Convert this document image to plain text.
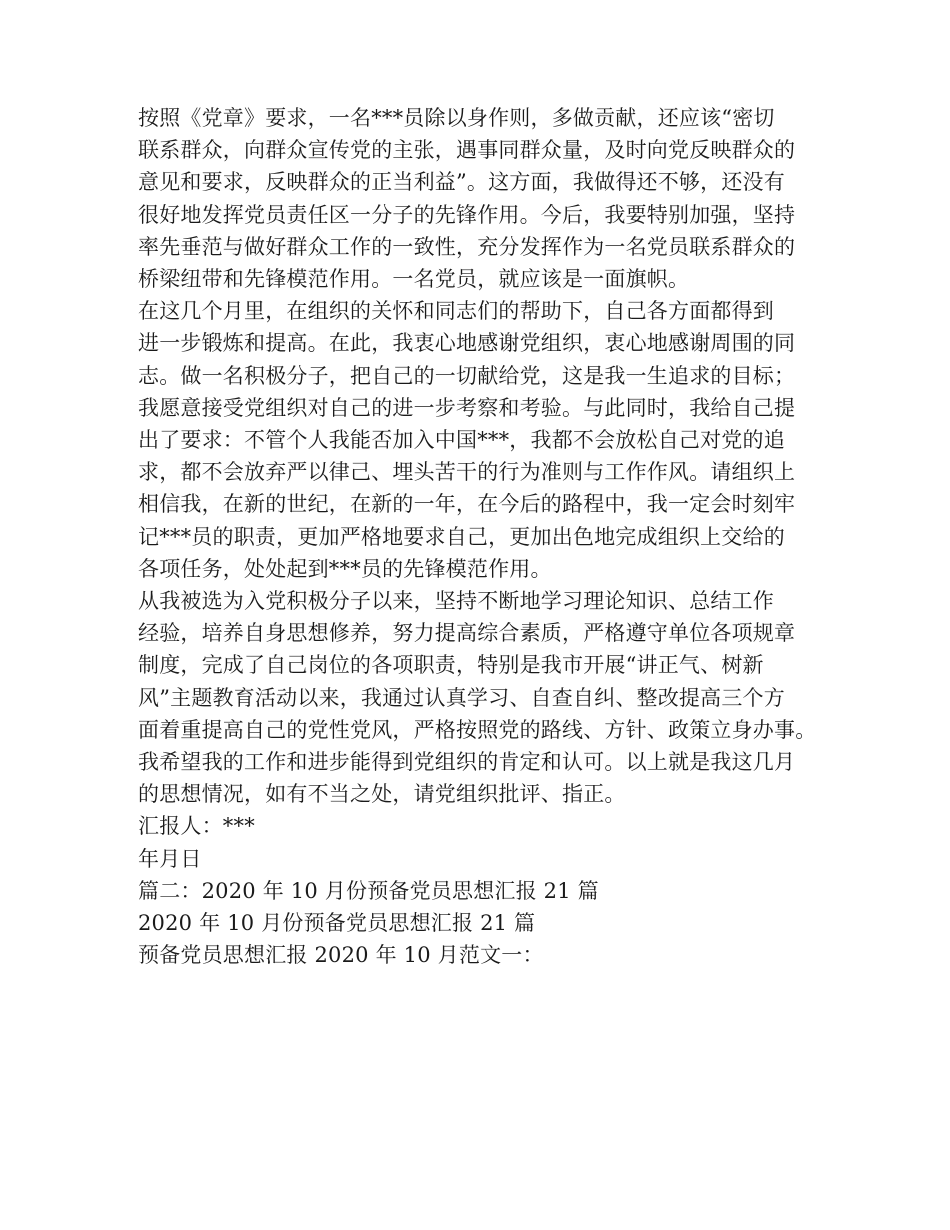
按照《党章》要求，一名***员除以身作则，多做贡献，还应该“密切
联系群众，向群众宣传党的主张，遇事同群众量，及时向党反映群众的
意见和要求，反映群众的正当利益”。这方面，我做得还不够，还没有
很好地发挥党员责任区一分子的先锋作用。今后，我要特别加强，坚持
率先垂范与做好群众工作的一致性，充分发挥作为一名党员联系群众的
桥梁纽带和先锋模范作用。一名党员，就应该是一面旗帜。
在这几个月里，在组织的关怀和同志们的帮助下，自己各方面都得到
进一步锻炼和提高。在此，我衷心地感谢党组织，衷心地感谢周围的同
志。做一名积极分子，把自己的一切献给党，这是我一生追求的目标；
我愿意接受党组织对自己的进一步考察和考验。与此同时，我给自己提
出了要求：不管个人我能否加入中国***，我都不会放松自己对党的追
求，都不会放弃严以律己、埋头苦干的行为准则与工作作风。请组织上
相信我，在新的世纪，在新的一年，在今后的路程中，我一定会时刻牢
记***员的职责，更加严格地要求自己，更加出色地完成组织上交给的
各项任务，处处起到***员的先锋模范作用。
从我被选为入党积极分子以来，坚持不断地学习理论知识、总结工作
经验，培养自身思想修养，努力提高综合素质，严格遵守单位各项规章
制度，完成了自己岗位的各项职责，特别是我市开展“讲正气、树新
风”主题教育活动以来，我通过认真学习、自查自纠、整改提高三个方
面着重提高自己的党性党风，严格按照党的路线、方针、政策立身办事。
我希望我的工作和进步能得到党组织的肯定和认可。以上就是我这几月
的思想情况，如有不当之处，请党组织批评、指正。
汇报人：***
年月日
篇二：2020 年 10 月份预备党员思想汇报 21 篇
2020 年 10 月份预备党员思想汇报 21 篇
预备党员思想汇报 2020 年 10 月范文一：
